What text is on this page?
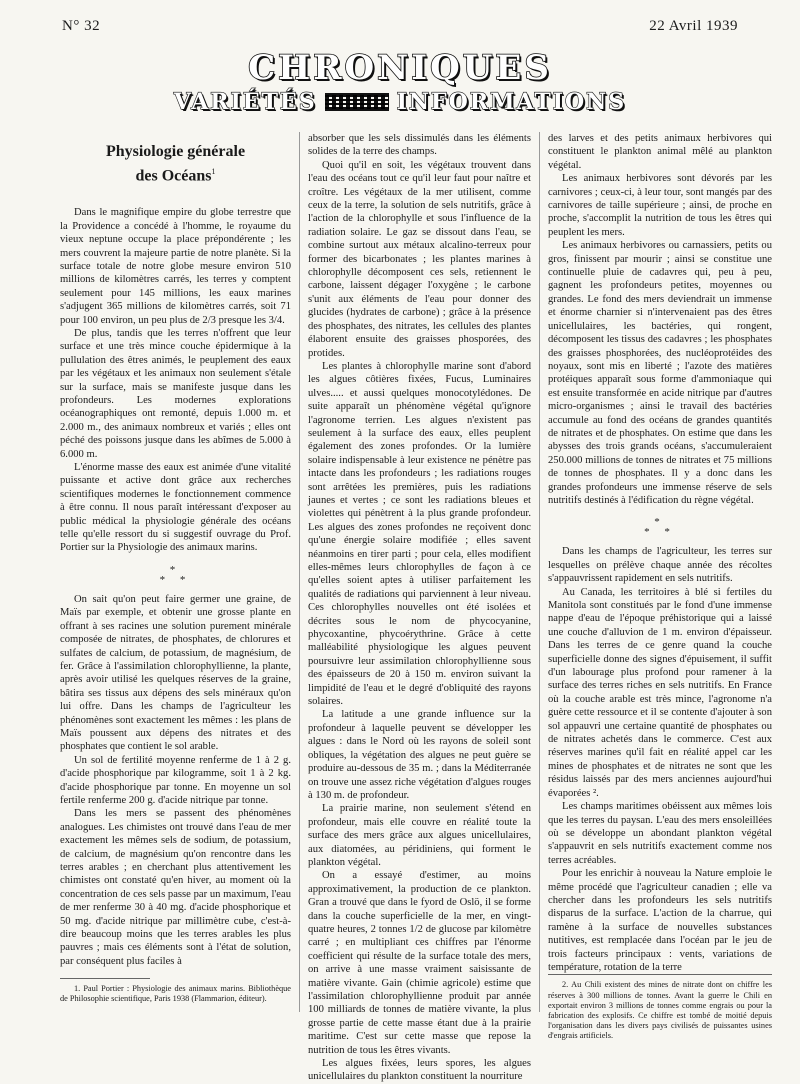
N° 32	22 Avril 1939
CHRONIQUES
VARIÉTÉS	INFORMATIONS
Physiologie générale
des Océans$^1$

Dans le magnifique empire du globe terrestre que la Providence a concédé à l'homme, le royaume du vieux neptune occupe la place prépondérente ; les mers couvrent la majeure partie de notre planète. Si la surface totale de notre globe mesure environ 510 millions de kilomètres carrés, les terres y comptent seulement pour 145 millions, les eaux marines s'adjugent 365 millions de kilomètres carrés, soit 71 pour 100 environ, un peu plus de 2/3 presque les 3/4.

De plus, tandis que les terres n'offrent que leur surface et une très mince couche épidermique à la pullulation des êtres animés, le peuplement des eaux par les végétaux et les animaux non seulement s'étale sur la surface, mais se manifeste jusque dans les profondeurs. Les modernes explorations océanographiques ont remonté, depuis 1.000 m. et 2.000 m., des animaux nombreux et variés ; elles ont péché des poissons jusque dans les abîmes de 5.000 à 6.000 m.

L'énorme masse des eaux est animée d'une vitalité puissante et active dont grâce aux recherches scientifiques modernes le fonctionnement commence à être connu. Il nous paraît intéressant d'exposer au public médical la physiologie générale des océans telle qu'elle ressort du si suggestif ouvrage du Prof. Portier sur la Physiologie des animaux marins.

*
* *

On sait qu'on peut faire germer une graine, de Maïs par exemple, et obtenir une grosse plante en offrant à ses racines une solution purement minérale composée de nitrates, de phosphates, de chlorures et sulfates de calcium, de potassium, de magnésium, de fer. Grâce à l'assimilation chlorophyllienne, la plante, après avoir utilisé les quelques réserves de la graine, bâtira ses tissus aux dépens des sels minéraux qu'on lui offre. Dans les champs de l'agriculteur les phénomènes sont exactement les mêmes : les plans de Maïs poussent aux dépens des nitrates et des phosphates que contient le sol arable.

Un sol de fertilité moyenne renferme de 1 à 2 g. d'acide phosphorique par kilogramme, soit 1 à 2 kg. d'acide phosphorique par tonne. En moyenne un sol fertile renferme 200 g. d'acide nitrique par tonne.

Dans les mers se passent des phénomènes analogues. Les chimistes ont trouvé dans l'eau de mer exactement les mêmes sels de sodium, de potassium, de calcium, de magnésium qu'on rencontre dans les terres arables ; en cherchant plus attentivement les chimistes ont constaté qu'en hiver, au moment où la concentration de ces sels passe par un maximum, l'eau de mer renferme 30 à 40 mg. d'acide phosphorique et 50 mg. d'acide nitrique par millimètre cube, c'est-à-dire beaucoup moins que les terres arables les plus pauvres ; mais ces éléments sont à l'état de solution, par conséquent plus faciles à

1. Paul Portier : Physiologie des animaux marins. Bibliothèque de Philosophie scientifique, Paris 1938 (Flammarion, éditeur).

absorber que les sels dissimulés dans les éléments solides de la terre des champs.

Quoi qu'il en soit, les végétaux trouvent dans l'eau des océans tout ce qu'il leur faut pour naître et croître. Les végétaux de la mer utilisent, comme ceux de la terre, la solution de sels nutritifs, grâce à l'action de la chlorophylle et sous l'influence de la radiation solaire. Le gaz se dissout dans l'eau, se combine surtout aux métaux alcalino-terreux pour former des bicarbonates ; les plantes marines à chlorophylle décomposent ces sels, retiennent le carbone, laissent dégager l'oxygène ; le carbone s'unit aux éléments de l'eau pour donner des glucides (hydrates de carbone) ; grâce à la présence des phosphates, des nitrates, les cellules des plantes élaborent ensuite des graisses phosporées, des protides.

Les plantes à chlorophylle marine sont d'abord les algues côtières fixées, Fucus, Luminaires ulves..... et aussi quelques monocotylédones. De suite apparaît un phénomène végétal qu'ignore l'agronome terrien. Les algues n'existent pas seulement à la surface des eaux, elles peuplent également des zones profondes. Or la lumière solaire indispensable à leur existence ne pénètre pas intacte dans les profondeurs ; les radiations rouges sont arrêtées les premières, puis les radiations jaunes et vertes ; ce sont les radiations bleues et violettes qui pénètrent à la plus grande profondeur. Les algues des zones profondes ne reçoivent donc qu'une énergie solaire modifiée ; elles savent néanmoins en tirer parti ; pour cela, elles modifient elles-mêmes leurs chlorophylles de façon à ce qu'elles soient aptes à utiliser parfaitement les qualités de radiations qui parviennent à leur niveau. Ces chlorophylles nouvelles ont été isolées et décrites sous le nom de phycocyanine, phycoxantine, phycoérythrine. Grâce à cette malléabilité physiologique les algues peuvent poursuivre leur assimilation chlorophyllienne sous des épaisseurs de 20 à 150 m. environ suivant la limpidité de l'eau et le degré d'obliquité des rayons solaires.

La latitude a une grande influence sur la profondeur à laquelle peuvent se développer les algues : dans le Nord où les rayons de soleil sont obliques, la végétation des algues ne peut guère se produire au-dessous de 35 m. ; dans la Méditerranée on trouve une assez riche végétation d'algues rouges à 130 m. de profondeur.

La prairie marine, non seulement s'étend en profondeur, mais elle couvre en réalité toute la surface des mers grâce aux algues unicellulaires, aux diatomées, au péridiniens, qui forment le plankton végétal.

On a essayé d'estimer, au moins approximativement, la production de ce plankton. Gran a trouvé que dans le fyord de Oslö, il se forme dans la couche superficielle de la mer, en vingt-quatre heures, 2 tonnes 1/2 de glucose par kilomètre carré ; en multipliant ces chiffres par l'énorme coefficient qui résulte de la surface totale des mers, on arrive à une masse vraiment saisissante de matière vivante. Gain (chimie agricole) estime que l'assimilation chlorophyllienne produit par année 100 milliards de tonnes de matière vivante, la plus grosse partie de cette masse étant due à la prairie maritime. C'est sur cette masse que repose la nutrition de tous les êtres vivants.

Les algues fixées, leurs spores, les algues unicellulaires du plankton constituent la nourriture

des larves et des petits animaux herbivores qui constituent le plankton animal mêlé au plankton végétal.

Les animaux herbivores sont dévorés par les carnivores ; ceux-ci, à leur tour, sont mangés par des carnivores de taille supérieure ; ainsi, de proche en proche, s'accomplit la nutrition de tous les êtres qui peuplent les mers.

Les animaux herbivores ou carnassiers, petits ou gros, finissent par mourir ; ainsi se constitue une continuelle pluie de cadavres qui, peu à peu, gagnent les profondeurs petites, moyennes ou grandes. Le fond des mers deviendrait un immense et énorme charnier si n'intervenaient pas des êtres unicellulaires, les bactéries, qui rongent, décomposent les tissus des cadavres ; les phosphates des graisses phosphorées, des nucléoprotéides des noyaux, sont mis en liberté ; l'azote des matières protéiques apparaît sous forme d'ammoniaque qui est ensuite transformée en acide nitrique par d'autres micro-organismes ; ainsi le travail des bactéries accumule au fond des océans de grandes quantités de nitrates et de phosphates. On estime que dans les abysses des trois grands océans, s'accumuleraient 250.000 millions de tonnes de nitrates et 75 millions de tonnes de phosphates. Il y a donc dans les grandes profondeurs une immense réserve de sels nutritifs destinés à l'édification du règne végétal.

*
* *

Dans les champs de l'agriculteur, les terres sur lesquelles on prélève chaque année des récoltes s'appauvrissent rapidement en sels nutritifs.

Au Canada, les territoires à blé si fertiles du Manitola sont constitués par le fond d'une immense nappe d'eau de l'époque préhistorique qui a laissé une couche d'alluvion de 1 m. environ d'épaisseur. Dans les terres de ce genre quand la couche superficielle donne des signes d'épuisement, il suffit d'un labourage plus profond pour ramener à la surface des terres riches en sels nutritifs. En France où la couche arable est très mince, l'agronome n'a guère cette ressource et il se contente d'ajouter à son sol appauvri une certaine quantité de phosphates ou de nitrates achetés dans le commerce. C'est aux réserves marines qu'il fait en réalité appel car les mines de phosphates et de nitrates ne sont que les résidus laissés par des mers anciennes aujourd'hui évaporées ².

Les champs maritimes obéissent aux mêmes lois que les terres du paysan. L'eau des mers ensoleillées où se développe un abondant plankton végétal s'appauvrit en sels nutritifs exactement comme nos terres acréables.

Pour les enrichir à nouveau la Nature emploie le même procédé que l'agriculteur canadien ; elle va chercher dans les profondeurs les sels nutritifs disparus de la surface. L'action de la charrue, qui ramène à la surface de nouvelles substances nutitives, est remplacée dans l'océan par le jeu de trois facteurs principaux : vents, variations de température, rotation de la terre

2. Au Chili existent des mines de nitrate dont on chiffre les réserves à 300 millions de tonnes. Avant la guerre le Chili en exportait environ 3 millions de tonnes comme engrais ou pour la fabrication des explosifs. Ce chiffre est tombé de moitié depuis l'organisation dans les divers pays civilisés de puissantes usines d'engrais artificiels.
